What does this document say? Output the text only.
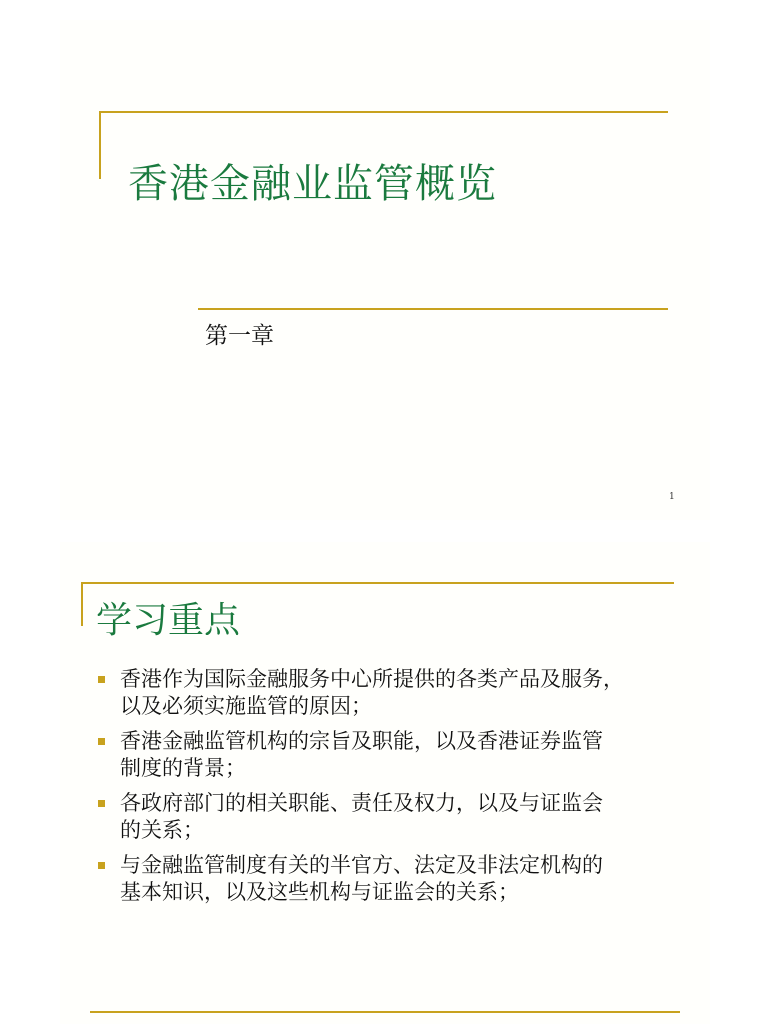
香港金融业监管概览
第一章
1
学习重点
香港作为国际金融服务中心所提供的各类产品及服务，
以及必须实施监管的原因；
香港金融监管机构的宗旨及职能，以及香港证券监管
制度的背景；
各政府部门的相关职能、责任及权力，以及与证监会
的关系；
与金融监管制度有关的半官方、法定及非法定机构的
基本知识，以及这些机构与证监会的关系；
